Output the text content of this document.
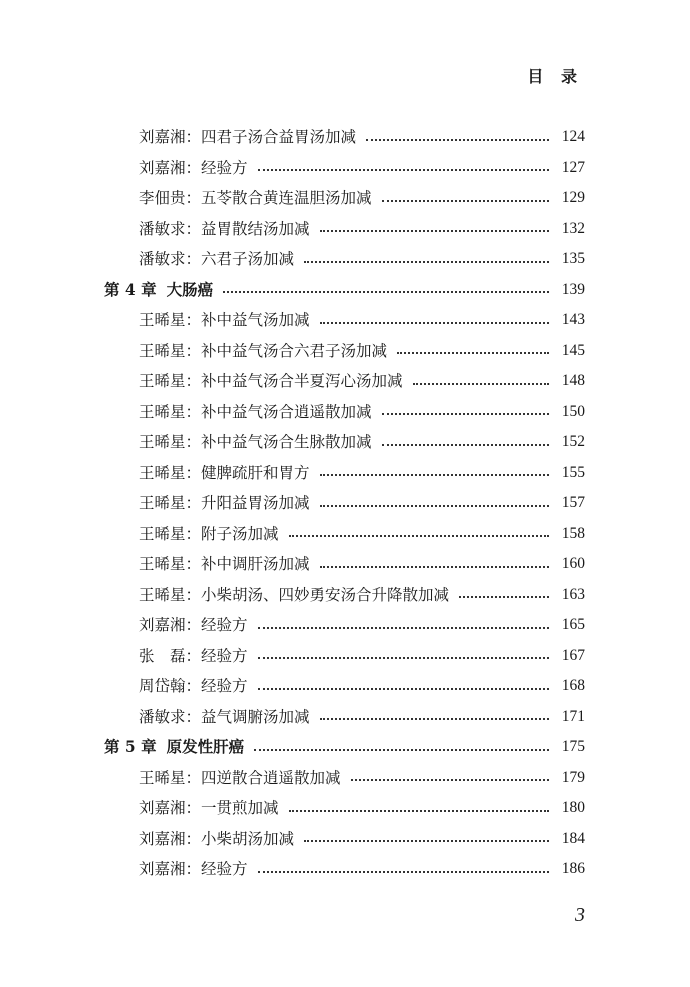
目 录
刘嘉湘：四君子汤合益胃汤加减	124
刘嘉湘：经验方	127
李佃贵：五苓散合黄连温胆汤加减	129
潘敏求：益胃散结汤加减	132
潘敏求：六君子汤加减	135
第 4 章 大肠癌	139
王晞星：补中益气汤加减	143
王晞星：补中益气汤合六君子汤加减	145
王晞星：补中益气汤合半夏泻心汤加减	148
王晞星：补中益气汤合逍遥散加减	150
王晞星：补中益气汤合生脉散加减	152
王晞星：健脾疏肝和胃方	155
王晞星：升阳益胃汤加减	157
王晞星：附子汤加减	158
王晞星：补中调肝汤加减	160
王晞星：小柴胡汤、四妙勇安汤合升降散加减	163
刘嘉湘：经验方	165
张　磊：经验方	167
周岱翰：经验方	168
潘敏求：益气调腑汤加减	171
第 5 章 原发性肝癌	175
王晞星：四逆散合逍遥散加减	179
刘嘉湘：一贯煎加减	180
刘嘉湘：小柴胡汤加减	184
刘嘉湘：经验方	186
3
